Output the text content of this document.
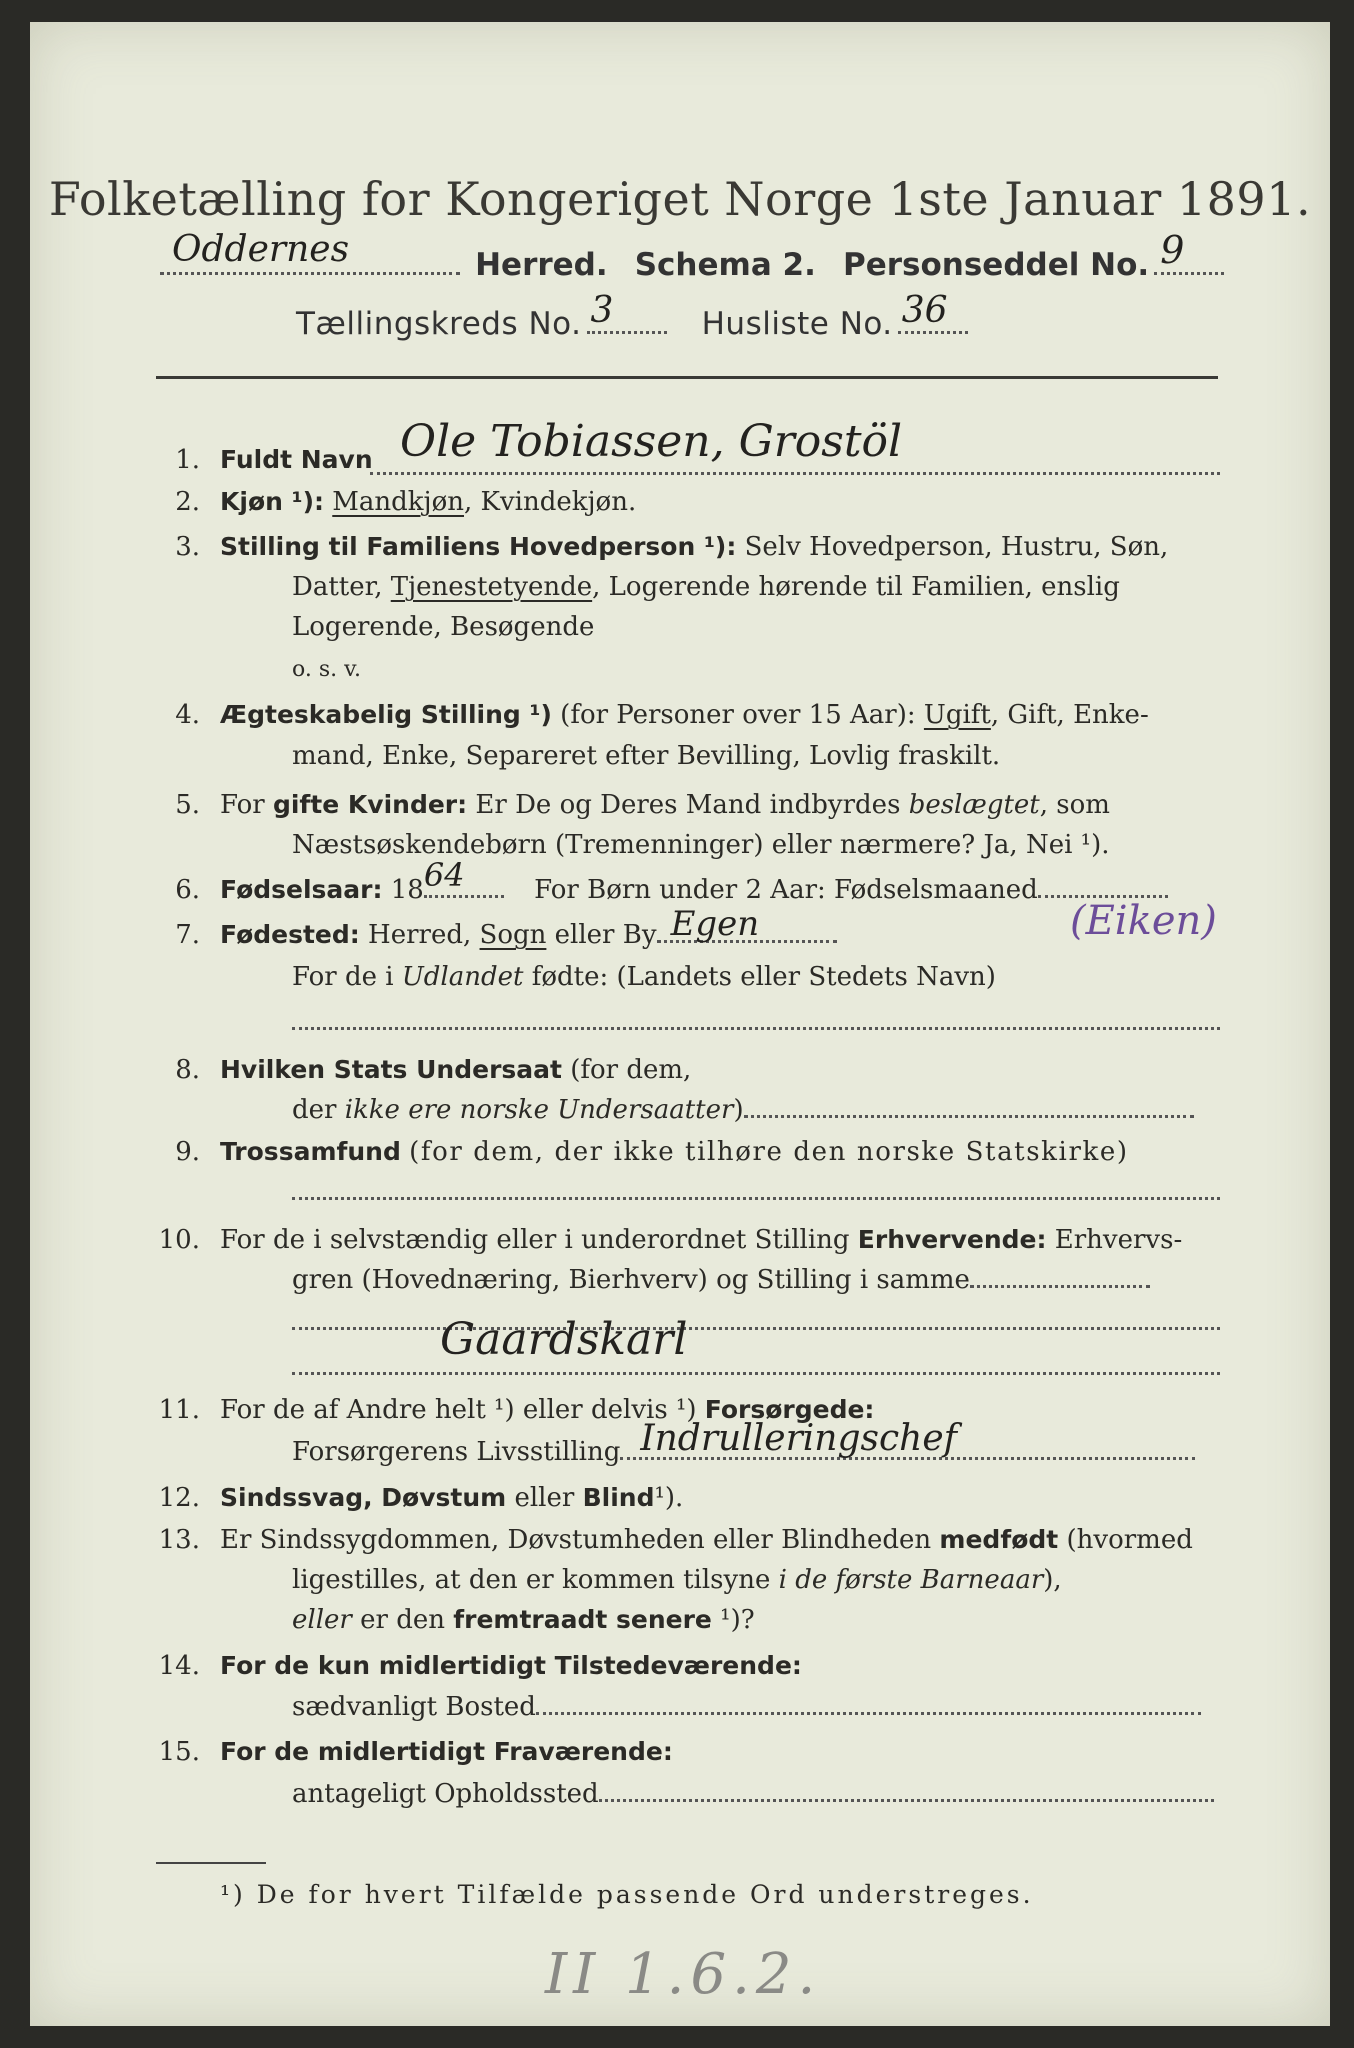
Folketælling for Kongeriget Norge 1ste Januar 1891.
Oddernes	Herred. Schema 2. Personseddel No. 9
Tællingskreds No. 3	Husliste No. 36
1. Fuldt Navn Ole Tobiassen, Grostöl
2. Kjøn ¹): Mandkjøn, Kvindekjøn.
3. Stilling til Familiens Hovedperson ¹): Selv Hovedperson, Hustru, Søn,
Datter, Tjenestetyende, Logerende hørende til Familien, enslig
Logerende, Besøgende
o. s. v.
4. Ægteskabelig Stilling ¹) (for Personer over 15 Aar): Ugift, Gift, Enke-
mand, Enke, Separeret efter Bevilling, Lovlig fraskilt.
5. For gifte Kvinder: Er De og Deres Mand indbyrdes beslægtet, som
Næstsøskendebørn (Tremenninger) eller nærmere? Ja, Nei ¹).
6. Fødselsaar: 18 64	For Børn under 2 Aar: Fødselsmaaned
7. Fødested: Herred, Sogn eller By Egen	(Eiken)
For de i Udlandet fødte: (Landets eller Stedets Navn)
8. Hvilken Stats Undersaat (for dem,
der ikke ere norske Undersaatter)
9. Trossamfund (for dem, der ikke tilhøre den norske Statskirke)
10. For de i selvstændig eller i underordnet Stilling Erhvervende: Erhvervs-
gren (Hovednæring, Bierhverv) og Stilling i samme
Gaardskarl
11. For de af Andre helt ¹) eller delvis ¹) Forsørgede:
Forsørgerens Livsstilling Indrulleringschef
12. Sindssvag, Døvstum eller Blind¹).
13. Er Sindssygdommen, Døvstumheden eller Blindheden medfødt (hvormed
ligestilles, at den er kommen tilsyne i de første Barneaar),
eller er den fremtraadt senere ¹)?
14. For de kun midlertidigt Tilstedeværende:
sædvanligt Bosted
15. For de midlertidigt Fraværende:
antageligt Opholdssted
¹) De for hvert Tilfælde passende Ord understreges.
II 1.6.2.
